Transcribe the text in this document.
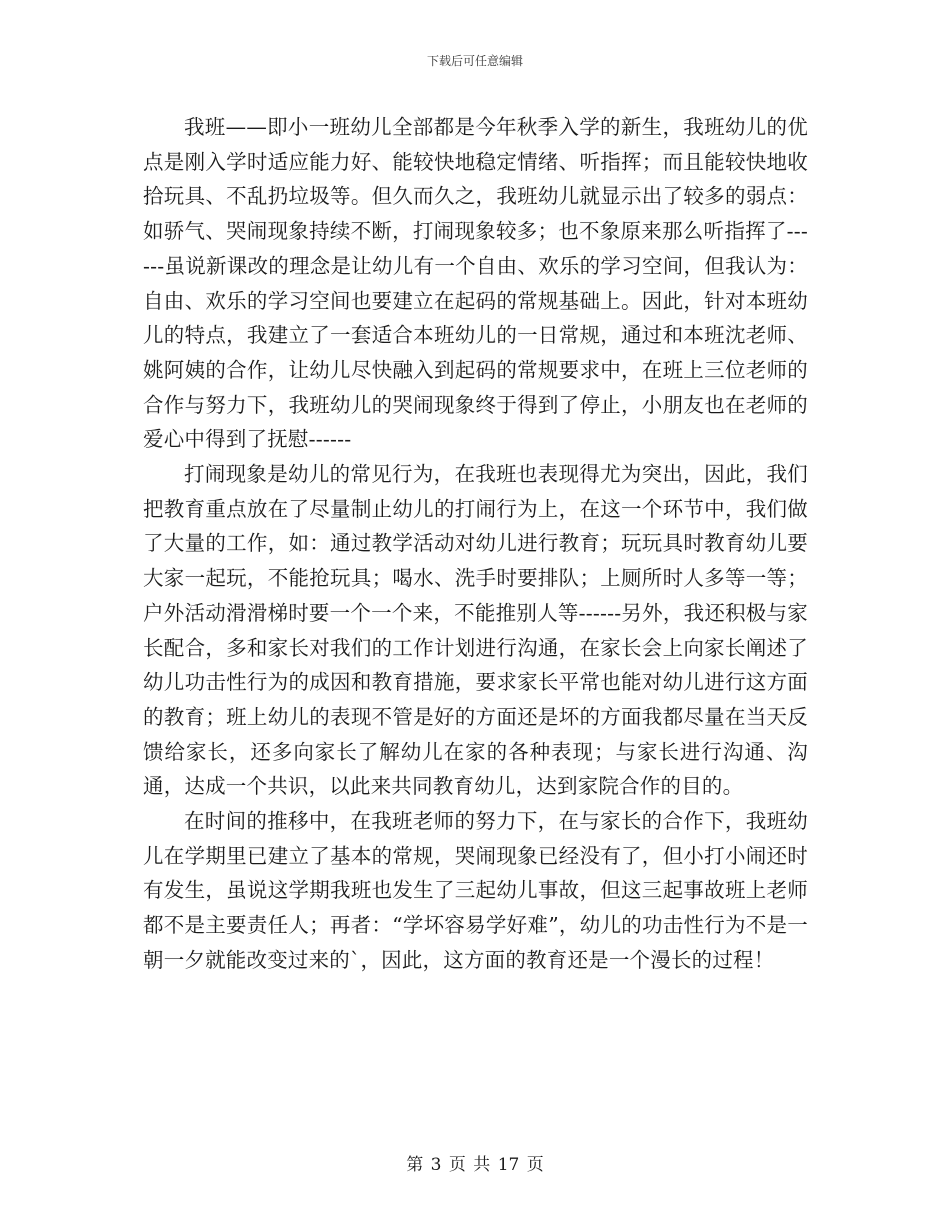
下载后可任意编辑

我班——即小一班幼儿全部都是今年秋季入学的新生，我班幼儿的优点是刚入学时适应能力好、能较快地稳定情绪、听指挥；而且能较快地收拾玩具、不乱扔垃圾等。但久而久之，我班幼儿就显示出了较多的弱点：如骄气、哭闹现象持续不断，打闹现象较多；也不象原来那么听指挥了------虽说新课改的理念是让幼儿有一个自由、欢乐的学习空间，但我认为：自由、欢乐的学习空间也要建立在起码的常规基础上。因此，针对本班幼儿的特点，我建立了一套适合本班幼儿的一日常规，通过和本班沈老师、姚阿姨的合作，让幼儿尽快融入到起码的常规要求中，在班上三位老师的合作与努力下，我班幼儿的哭闹现象终于得到了停止，小朋友也在老师的爱心中得到了抚慰------

打闹现象是幼儿的常见行为，在我班也表现得尤为突出，因此，我们把教育重点放在了尽量制止幼儿的打闹行为上，在这一个环节中，我们做了大量的工作，如：通过教学活动对幼儿进行教育；玩玩具时教育幼儿要大家一起玩，不能抢玩具；喝水、洗手时要排队；上厕所时人多等一等；户外活动滑滑梯时要一个一个来，不能推别人等------另外，我还积极与家长配合，多和家长对我们的工作计划进行沟通，在家长会上向家长阐述了幼儿功击性行为的成因和教育措施，要求家长平常也能对幼儿进行这方面的教育；班上幼儿的表现不管是好的方面还是坏的方面我都尽量在当天反馈给家长，还多向家长了解幼儿在家的各种表现；与家长进行沟通、沟通，达成一个共识，以此来共同教育幼儿，达到家院合作的目的。

在时间的推移中，在我班老师的努力下，在与家长的合作下，我班幼儿在学期里已建立了基本的常规，哭闹现象已经没有了，但小打小闹还时有发生，虽说这学期我班也发生了三起幼儿事故，但这三起事故班上老师都不是主要责任人；再者：“学坏容易学好难”，幼儿的功击性行为不是一朝一夕就能改变过来的`，因此，这方面的教育还是一个漫长的过程！

第 3 页 共 17 页
